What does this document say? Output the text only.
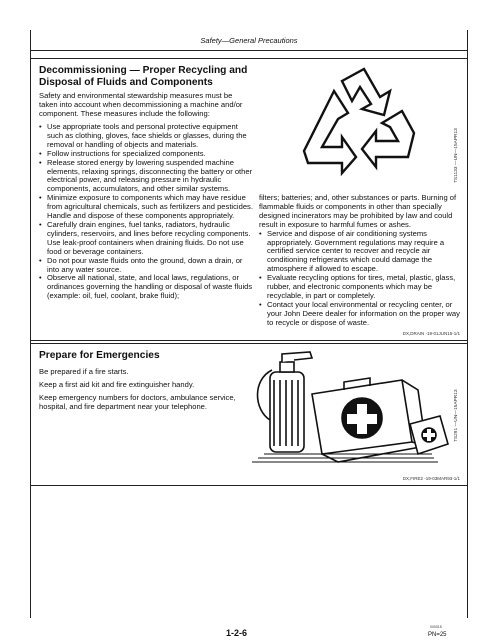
Safety—General Precautions
Decommissioning — Proper Recycling and
Disposal of Fluids and Components
Safety and environmental stewardship measures must be taken into account when decommissioning a machine and/or component. These measures include the following:
• Use appropriate tools and personal protective equipment such as clothing, gloves, face shields or glasses, during the removal or handling of objects and materials.
• Follow instructions for specialized components.
• Release stored energy by lowering suspended machine elements, relaxing springs, disconnecting the battery or other electrical power, and releasing pressure in hydraulic components, accumulators, and other similar systems.
• Minimize exposure to components which may have residue from agricultural chemicals, such as fertilizers and pesticides. Handle and dispose of these components appropriately.
• Carefully drain engines, fuel tanks, radiators, hydraulic cylinders, reservoirs, and lines before recycling components. Use leak-proof containers when draining fluids. Do not use food or beverage containers.
• Do not pour waste fluids onto the ground, down a drain, or into any water source.
• Observe all national, state, and local laws, regulations, or ordinances governing the handling or disposal of waste fluids (example: oil, fuel, coolant, brake fluid);
TS1133 —UN—15APR13
filters; batteries; and, other substances or parts. Burning of flammable fluids or components in other than specially designed incinerators may be prohibited by law and could result in exposure to harmful fumes or ashes.
• Service and dispose of air conditioning systems appropriately. Government regulations may require a certified service center to recover and recycle air conditioning refrigerants which could damage the atmosphere if allowed to escape.
• Evaluate recycling options for tires, metal, plastic, glass, rubber, and electronic components which may be recyclable, in part or completely.
• Contact your local environmental or recycling center, or your John Deere dealer for information on the proper way to recycle or dispose of waste.
DX,DRAIN -19-01JUN15-1/1
Prepare for Emergencies
Be prepared if a fire starts.
Keep a first aid kit and fire extinguisher handy.
Keep emergency numbers for doctors, ambulance service, hospital, and fire department near your telephone.	TS291 —UN—15APR13
DX,FIRE2 -19-03MAR93-1/1
1-2-6
000015
PN=25
